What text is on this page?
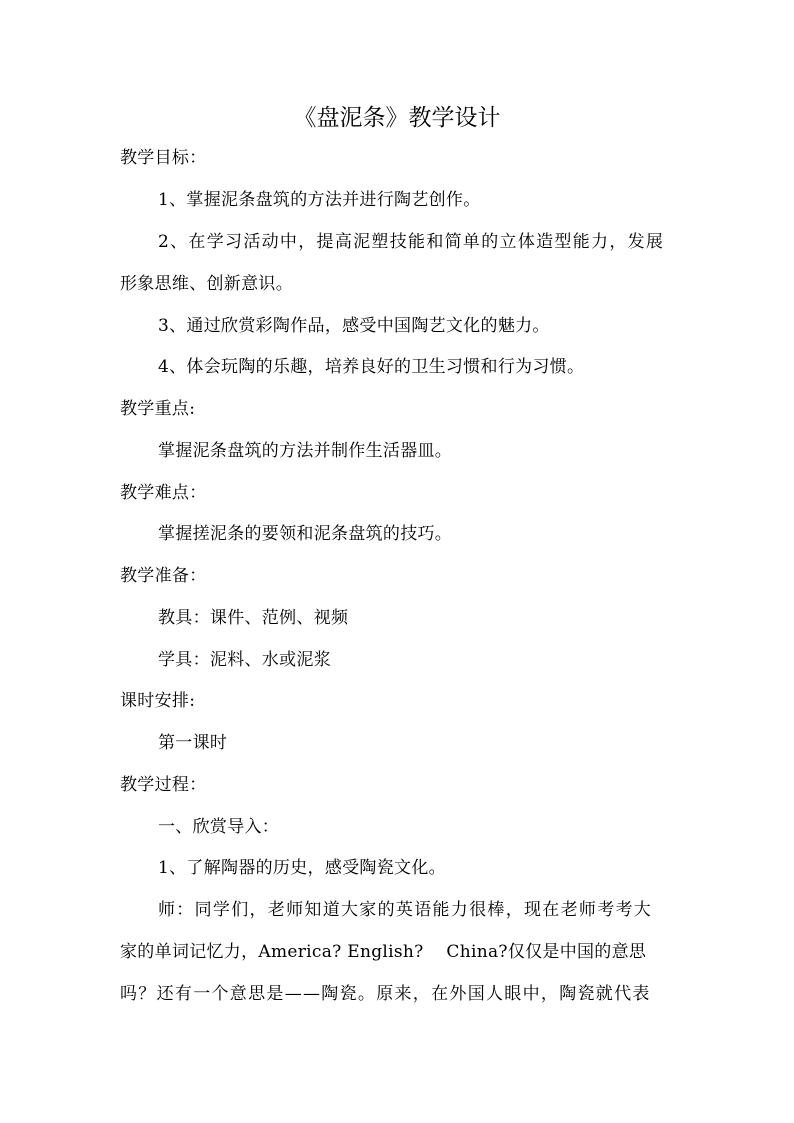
《盘泥条》教学设计
教学目标：
1、掌握泥条盘筑的方法并进行陶艺创作。
2、在学习活动中，提高泥塑技能和简单的立体造型能力，发展
形象思维、创新意识。
3、通过欣赏彩陶作品，感受中国陶艺文化的魅力。
4、体会玩陶的乐趣，培养良好的卫生习惯和行为习惯。
教学重点:
掌握泥条盘筑的方法并制作生活器皿。
教学难点：
掌握搓泥条的要领和泥条盘筑的技巧。
教学准备：
教具：课件、范例、视频
学具：泥料、水或泥浆
课时安排:
第一课时
教学过程：
一、欣赏导入：
1、了解陶器的历史，感受陶瓷文化。
师：同学们，老师知道大家的英语能力很棒，现在老师考考大
家的单词记忆力，America? English?    China?仅仅是中国的意思
吗？还有一个意思是——陶瓷。原来，在外国人眼中，陶瓷就代表
